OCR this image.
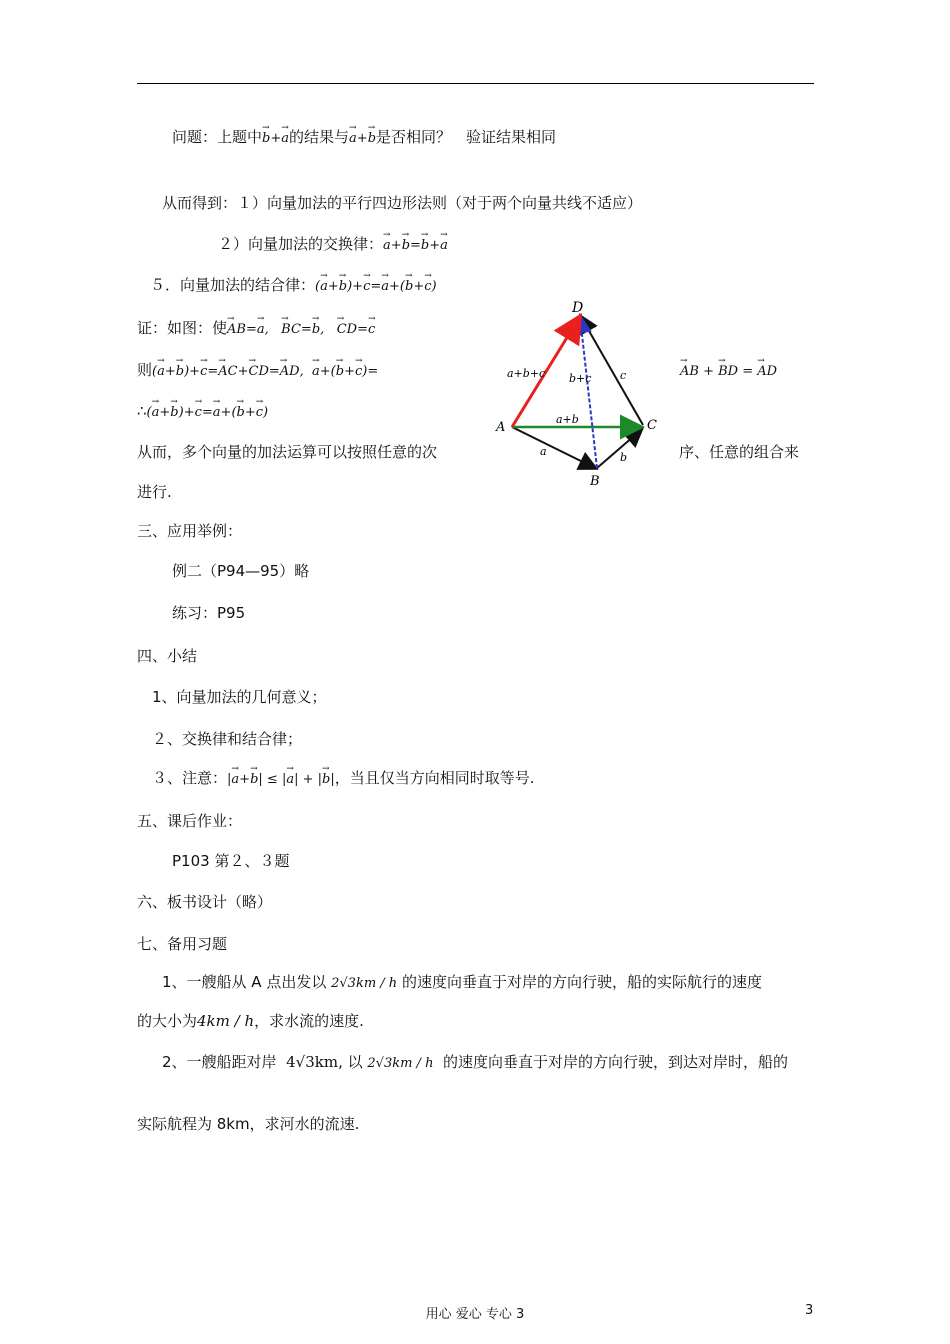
问题：上题中→ b+→ a的结果与→ a+→ b是否相同？　验证结果相同
从而得到：１）向量加法的平行四边形法则（对于两个向量共线不适应）
２）向量加法的交换律：→ a+→ b=→ b+→ a
５．向量加法的结合律：(→ a+→ b)+→ c=→ a+(→ b+→ c)
证：如图：使→ AB=→ a,   → BC=→ b,   → CD=→ c
则(→ a+→ b)+→ c=→ AC+→ CD=→ AD,  → a+(→ b+→ c)=
∴(→ a+→ b)+→ c=→ a+(→ b+→ c)
→ AB + → BD = → AD
D
A
B
C
a+b+c b+c	c
a+b
a	b
从而，多个向量的加法运算可以按照任意的次	序、任意的组合来
进行.
三、应用举例：
例二（P94—95）略
练习：P95
四、小结
1、向量加法的几何意义；
２、交换律和结合律；
３、注意：|→ a+→ b| ≤ |→ a| + |→ b|，当且仅当方向相同时取等号.
五、课后作业：
P103 第２、３题
六、板书设计（略）
七、备用习题
1、一艘船从 A 点出发以 2√3km / h 的速度向垂直于对岸的方向行驶，船的实际航行的速度
的大小为4km / h，求水流的速度.
2、一艘船距对岸 4√3km, 以 2√3km / h 的速度向垂直于对岸的方向行驶，到达对岸时，船的
实际航程为 8km，求河水的流速.
用心 爱心 专心 3	3
